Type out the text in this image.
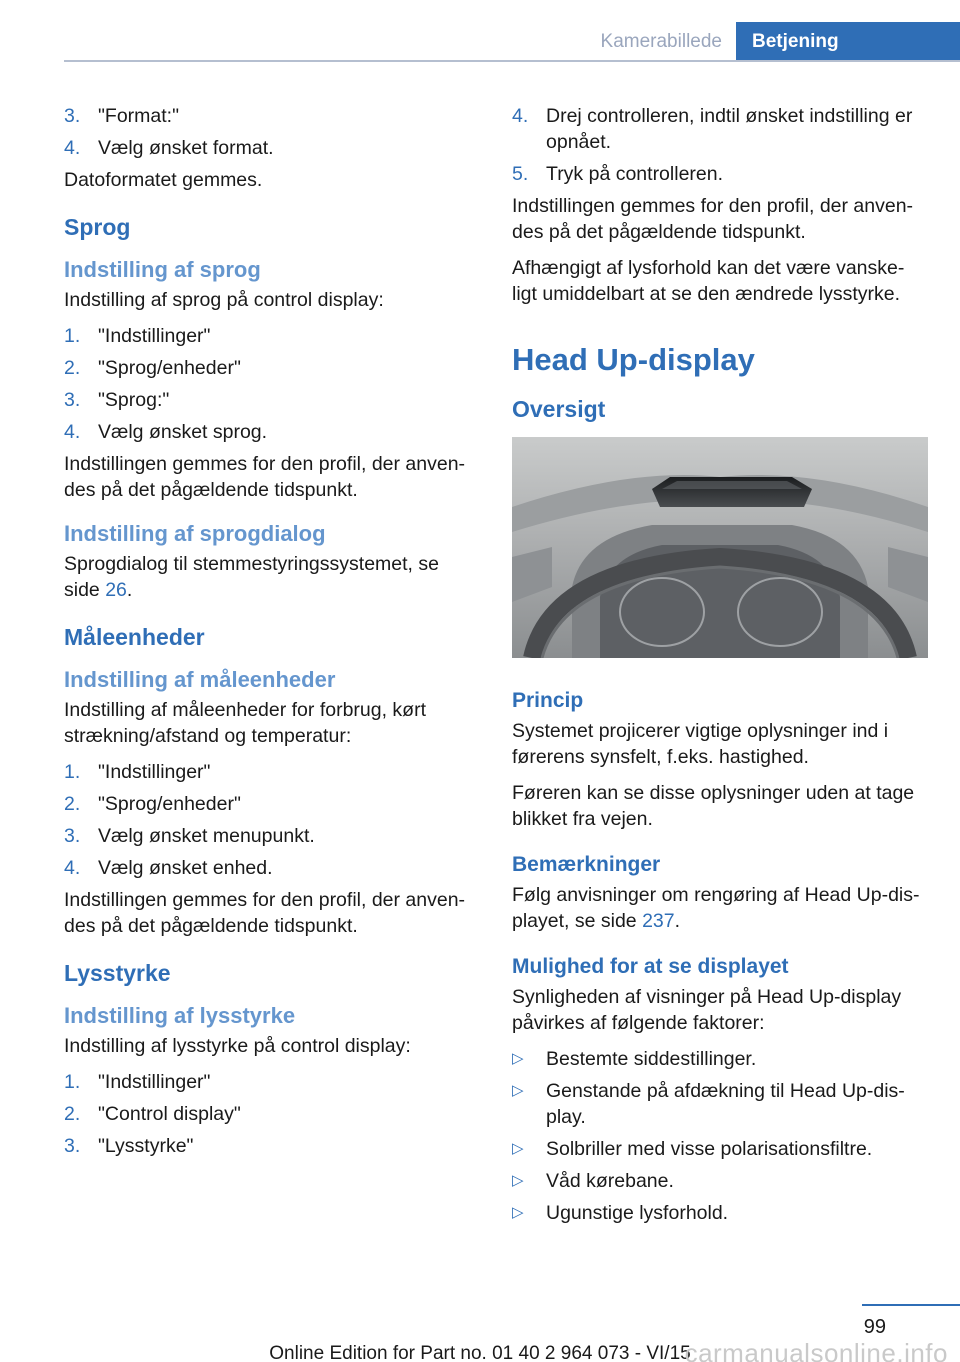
Kamerabillede	Betjening
3. "Format:"
4. Vælg ønsket format.

Datoformatet gemmes.

Sprog
Indstilling af sprog

Indstilling af sprog på control display:

1. "Indstillinger"
2. "Sprog/enheder"
3. "Sprog:"
4. Vælg ønsket sprog.

Indstillingen gemmes for den profil, der anven-des på det pågældende tidspunkt.

Indstilling af sprogdialog

Sprogdialog til stemmestyringssystemet, se side 26.

Måleenheder
Indstilling af måleenheder

Indstilling af måleenheder for forbrug, kørt strækning/afstand og temperatur:

1. "Indstillinger"
2. "Sprog/enheder"
3. Vælg ønsket menupunkt.
4. Vælg ønsket enhed.

Indstillingen gemmes for den profil, der anven-des på det pågældende tidspunkt.

Lysstyrke
Indstilling af lysstyrke

Indstilling af lysstyrke på control display:

1. "Indstillinger"
2. "Control display"
3. "Lysstyrke"
4. Drej controlleren, indtil ønsket indstilling er opnået.
5. Tryk på controlleren.

Indstillingen gemmes for den profil, der anven-des på det pågældende tidspunkt.

Afhængigt af lysforhold kan det være vanske-ligt umiddelbart at se den ændrede lysstyrke.

Head Up-display
Oversigt
Princip

Systemet projicerer vigtige oplysninger ind i førerens synsfelt, f.eks. hastighed.

Føreren kan se disse oplysninger uden at tage blikket fra vejen.

Bemærkninger

Følg anvisninger om rengøring af Head Up-dis-playet, se side 237.

Mulighed for at se displayet

Synligheden af visninger på Head Up-display påvirkes af følgende faktorer:

▷ Bestemte siddestillinger.
▷ Genstande på afdækning til Head Up-dis-play.
▷ Solbriller med visse polarisationsfiltre.
▷ Våd kørebane.
▷ Ugunstige lysforhold.
99
Online Edition for Part no. 01 40 2 964 073 - VI/15
carmanualsonline.info
